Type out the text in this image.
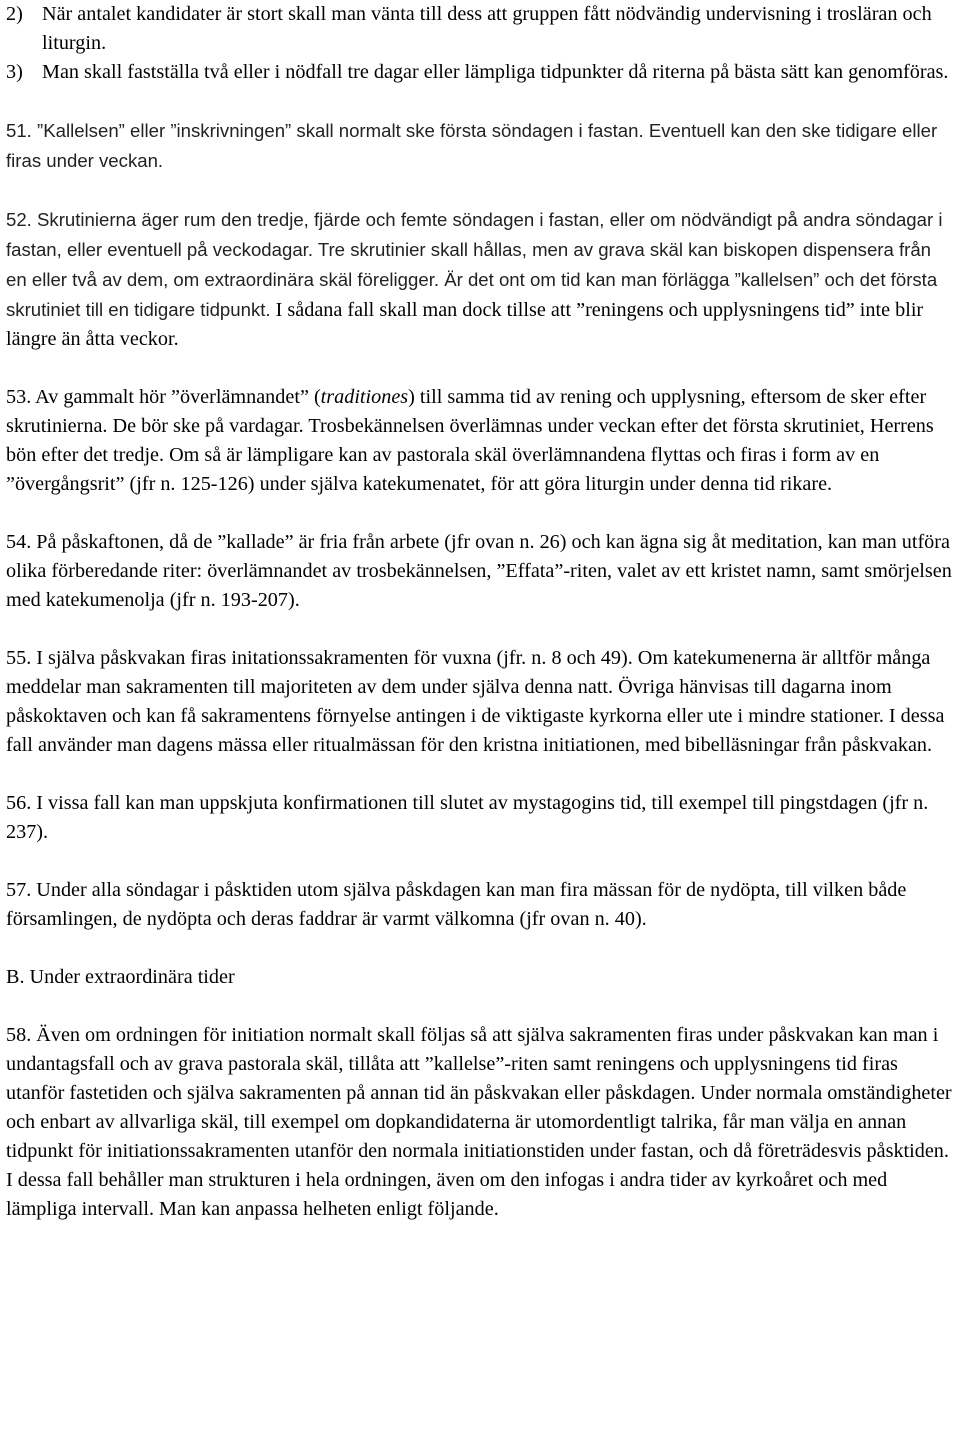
2) När antalet kandidater är stort skall man vänta till dess att gruppen fått nödvändig undervisning i trosläran och liturgin.
3) Man skall fastställa två eller i nödfall tre dagar eller lämpliga tidpunkter då riterna på bästa sätt kan genomföras.

51. ”Kallelsen” eller ”inskrivningen” skall normalt ske första söndagen i fastan. Eventuell kan den ske tidigare eller firas under veckan.

52. Skrutinierna äger rum den tredje, fjärde och femte söndagen i fastan, eller om nödvändigt på andra söndagar i fastan, eller eventuell på veckodagar. Tre skrutinier skall hållas, men av grava skäl kan biskopen dispensera från en eller två av dem, om extraordinära skäl föreligger. Är det ont om tid kan man förlägga ”kallelsen” och det första skrutiniet till en tidigare tidpunkt. I sådana fall skall man dock tillse att ”reningens och upplysningens tid” inte blir längre än åtta veckor.

53. Av gammalt hör ”överlämnandet” (traditiones) till samma tid av rening och upplysning, eftersom de sker efter skrutinierna. De bör ske på vardagar. Trosbekännelsen överlämnas under veckan efter det första skrutiniet, Herrens bön efter det tredje. Om så är lämpligare kan av pastorala skäl överlämnandena flyttas och firas i form av en ”övergångsrit” (jfr n. 125-126) under själva katekumenatet, för att göra liturgin under denna tid rikare.

54. På påskaftonen, då de ”kallade” är fria från arbete (jfr ovan n. 26) och kan ägna sig åt meditation, kan man utföra olika förberedande riter: överlämnandet av trosbekännelsen, ”Effata”-riten, valet av ett kristet namn, samt smörjelsen med katekumenolja (jfr n. 193-207).

55. I själva påskvakan firas initationssakramenten för vuxna (jfr. n. 8 och 49). Om katekumenerna är alltför många meddelar man sakramenten till majoriteten av dem under själva denna natt. Övriga hänvisas till dagarna inom påskoktaven och kan få sakramentens förnyelse antingen i de viktigaste kyrkorna eller ute i mindre stationer. I dessa fall använder man dagens mässa eller ritualmässan för den kristna initiationen, med bibelläsningar från påskvakan.

56. I vissa fall kan man uppskjuta konfirmationen till slutet av mystagogins tid, till exempel till pingstdagen (jfr n. 237).

57. Under alla söndagar i påsktiden utom själva påskdagen kan man fira mässan för de nydöpta, till vilken både församlingen, de nydöpta och deras faddrar är varmt välkomna (jfr ovan n. 40).

B. Under extraordinära tider

58. Även om ordningen för initiation normalt skall följas så att själva sakramenten firas under påskvakan kan man i undantagsfall och av grava pastorala skäl, tillåta att ”kallelse”-riten samt reningens och upplysningens tid firas utanför fastetiden och själva sakramenten på annan tid än påskvakan eller påskdagen. Under normala omständigheter och enbart av allvarliga skäl, till exempel om dopkandidaterna är utomordentligt talrika, får man välja en annan tidpunkt för initiationssakramenten utanför den normala initiationstiden under fastan, och då företrädesvis påsktiden. I dessa fall behåller man strukturen i hela ordningen, även om den infogas i andra tider av kyrkoåret och med lämpliga intervall. Man kan anpassa helheten enligt följande.
